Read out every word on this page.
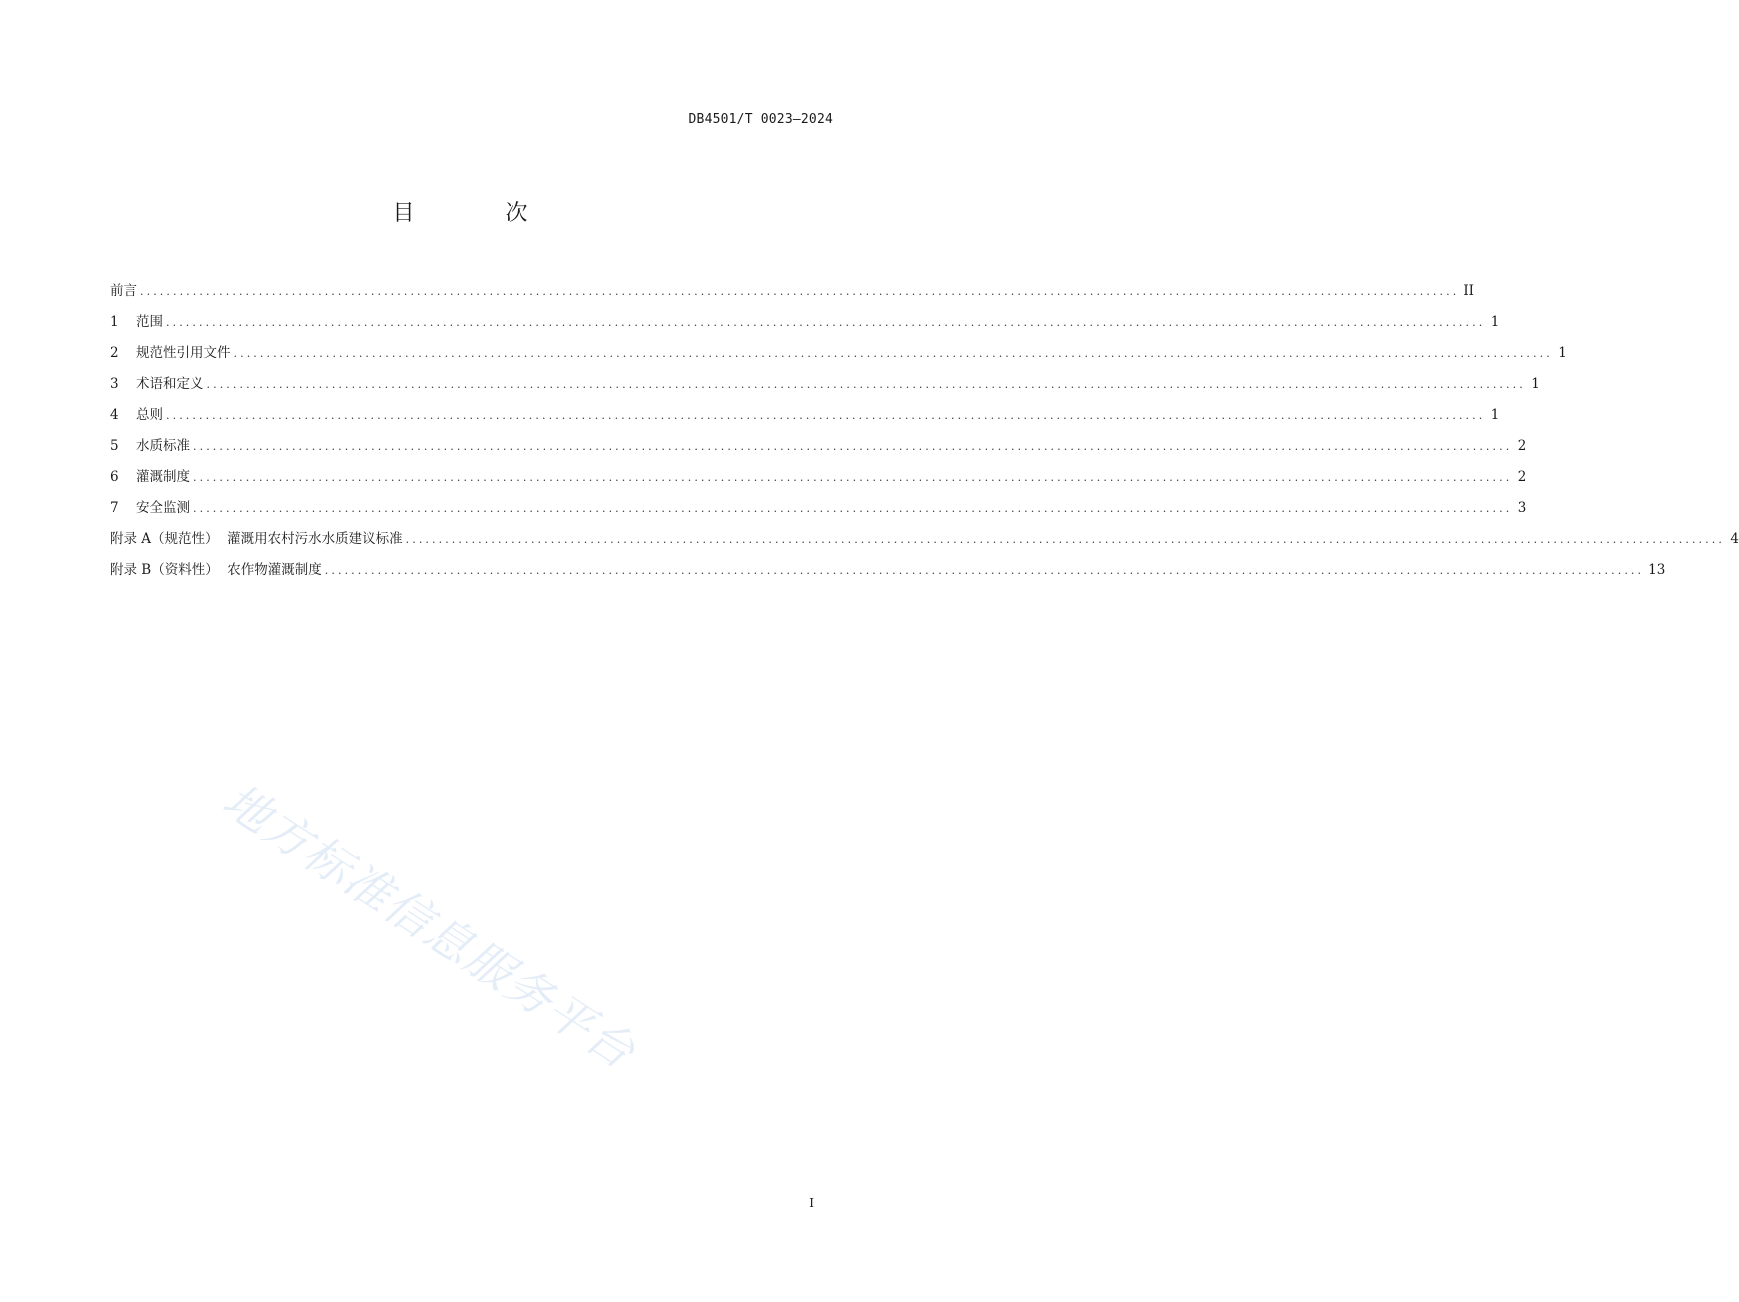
DB4501/T 0023—2024
目 次
前言 ........................................................................................................................................................................................................ II
1	范围 ........................................................................................................................................................................................................ 1
2	规范性引用文件 ........................................................................................................................................................................................................ 1
3	术语和定义 ........................................................................................................................................................................................................ 1
4	总则 ........................................................................................................................................................................................................ 1
5	水质标准 ........................................................................................................................................................................................................ 2
6	灌溉制度 ........................................................................................................................................................................................................ 2
7	安全监测 ........................................................................................................................................................................................................ 3
附录 A（规范性）  灌溉用农村污水水质建议标准 ........................................................................................................................................................................................................ 4
附录 B（资料性）  农作物灌溉制度 ........................................................................................................................................................................................................ 13
地方标准信息服务平台
I
